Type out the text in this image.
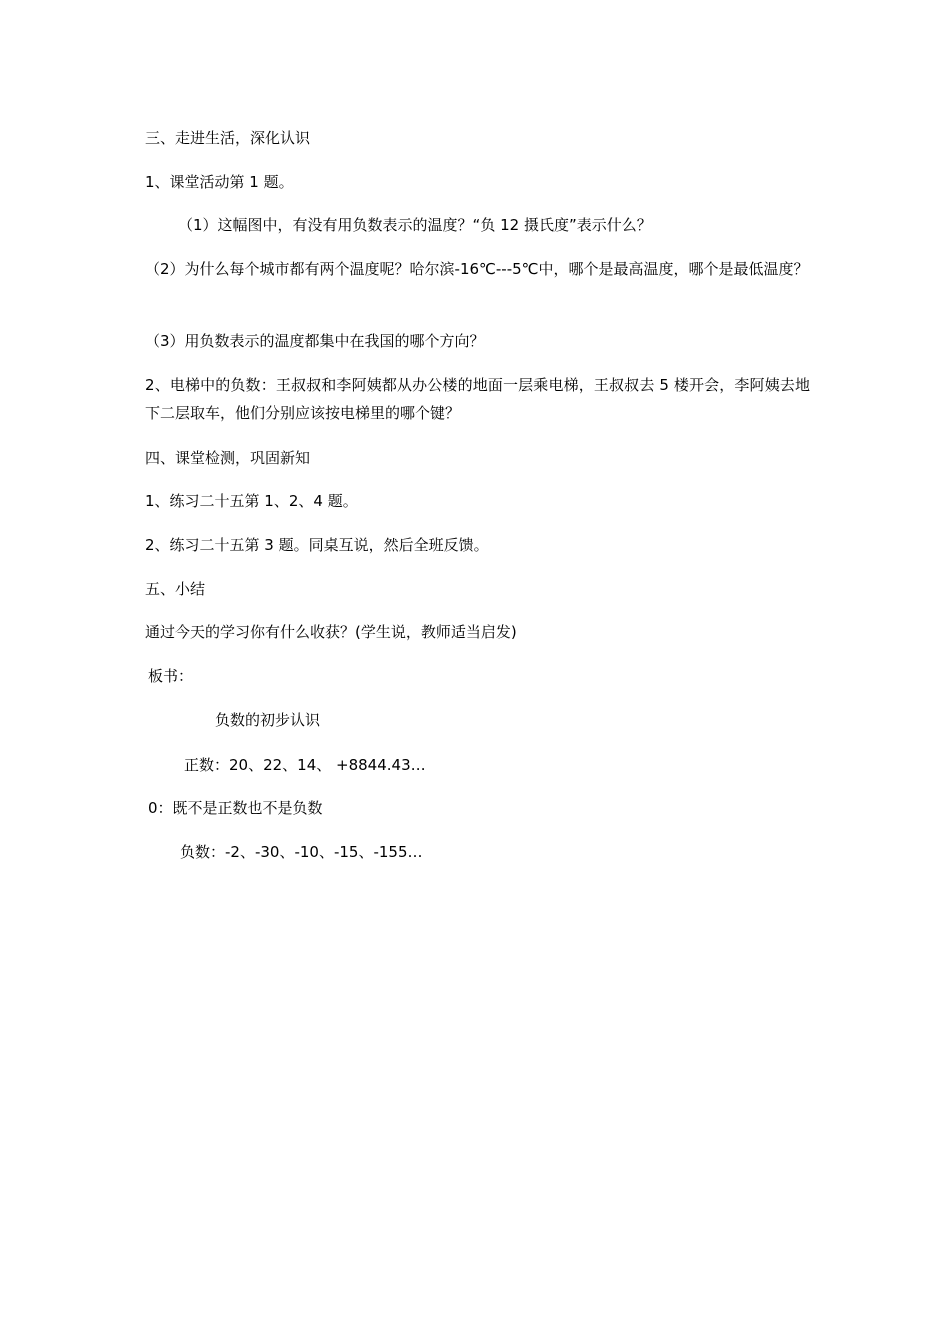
三、走进生活，深化认识

1、课堂活动第 1 题。

（1）这幅图中，有没有用负数表示的温度？“负 12 摄氏度”表示什么？

（2）为什么每个城市都有两个温度呢？哈尔滨-16℃---5℃中，哪个是最高温度，哪个是最低温度？

（3）用负数表示的温度都集中在我国的哪个方向？

2、电梯中的负数：王叔叔和李阿姨都从办公楼的地面一层乘电梯，王叔叔去 5 楼开会，李阿姨去地下二层取车，他们分别应该按电梯里的哪个键？

四、课堂检测，巩固新知

1、练习二十五第 1、2、4 题。

2、练习二十五第 3 题。同桌互说，然后全班反馈。

五、小结

通过今天的学习你有什么收获？(学生说，教师适当启发)

板书：

负数的初步认识

正数：20、22、14、 +8844.43…

0：既不是正数也不是负数

负数：-2、-30、-10、-15、-155…
